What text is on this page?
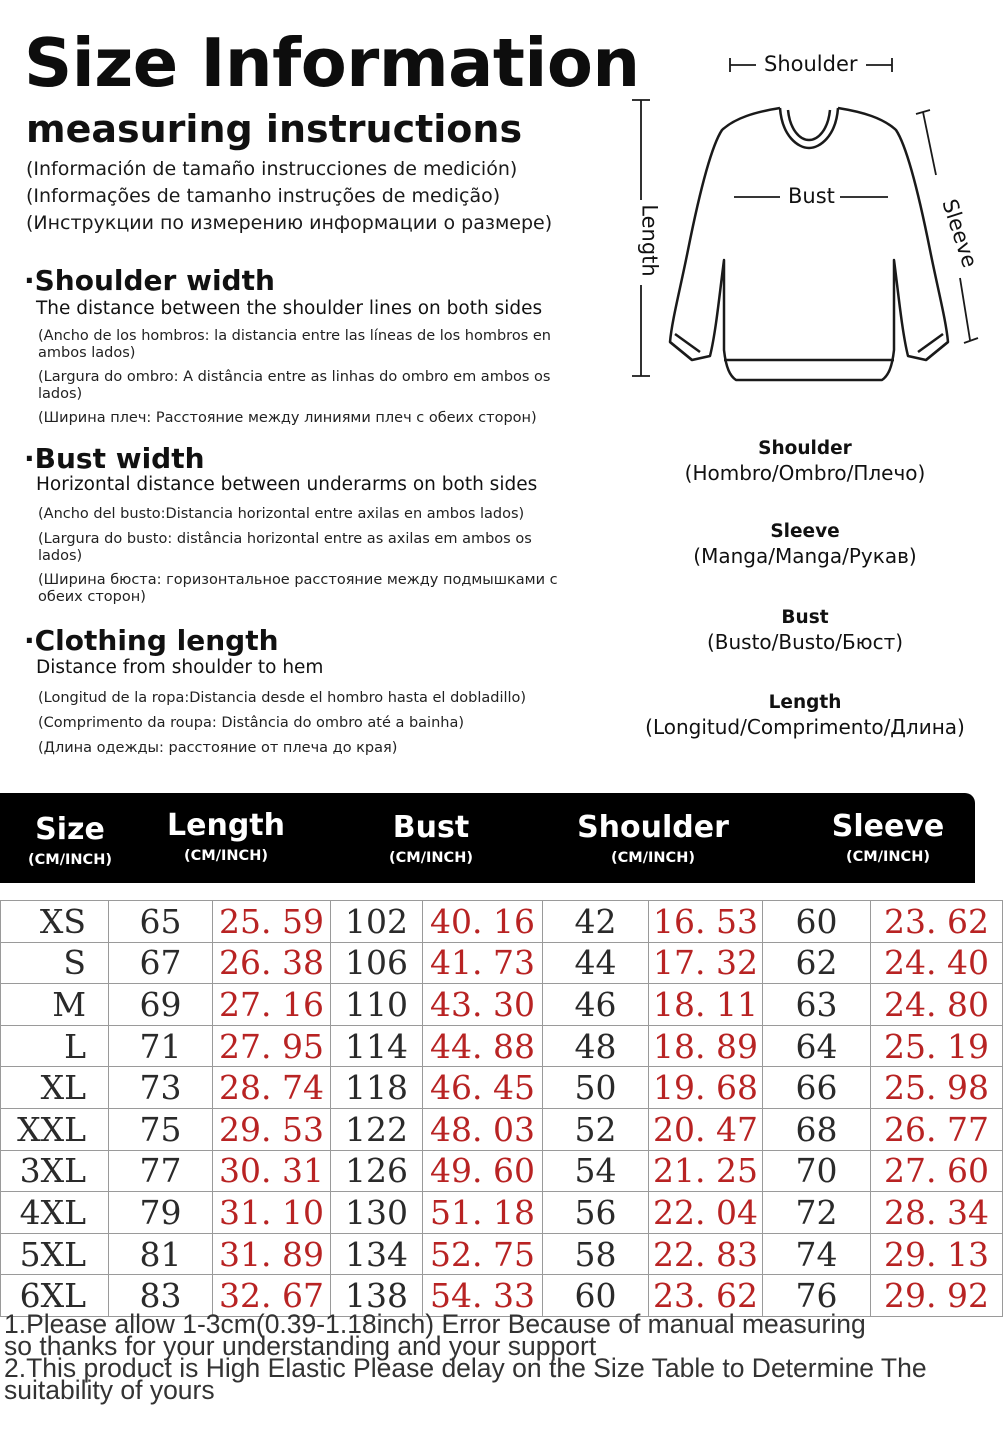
Size Information
measuring instructions
(Información de tamaño instrucciones de medición)
(Informações de tamanho instruções de medição)
(Инструкции по измерению информации о размере)
·Shoulder width
The distance between the shoulder lines on both sides
(Ancho de los hombros: la distancia entre las líneas de los hombros en ambos lados)
(Largura do ombro: A distância entre as linhas do ombro em ambos os lados)
(Ширина плеч: Расстояние между линиями плеч с обеих сторон)
·Bust width
Horizontal distance between underarms on both sides
(Ancho del busto:Distancia horizontal entre axilas en ambos lados)
(Largura do busto: distância horizontal entre as axilas em ambos os lados)
(Ширина бюста: горизонтальное расстояние между подмышками с обеих сторон)
·Clothing length
Distance from shoulder to hem
(Longitud de la ropa:Distancia desde el hombro hasta el dobladillo)
(Comprimento da roupa: Distância do ombro até a bainha)
(Длина одежды: расстояние от плеча до края)
Shoulder
Bust
Length	Sleeve
Shoulder
(Hombro/Ombro/Плечо)
Sleeve
(Manga/Manga/Рукав)
Bust
(Busto/Busto/Бюст)
Length
(Longitud/Comprimento/Длина)
Size
(CM/INCH)
Length
(CM/INCH)
Bust
(CM/INCH)
Shoulder
(CM/INCH)
Sleeve
(CM/INCH)
XS	65	25. 59	102	40. 16	42	16. 53	60	23. 62
S	67	26. 38	106	41. 73	44	17. 32	62	24. 40
M	69	27. 16	110	43. 30	46	18. 11	63	24. 80
L	71	27. 95	114	44. 88	48	18. 89	64	25. 19
XL	73	28. 74	118	46. 45	50	19. 68	66	25. 98
XXL	75	29. 53	122	48. 03	52	20. 47	68	26. 77
3XL	77	30. 31	126	49. 60	54	21. 25	70	27. 60
4XL	79	31. 10	130	51. 18	56	22. 04	72	28. 34
5XL	81	31. 89	134	52. 75	58	22. 83	74	29. 13
6XL	83	32. 67	138	54. 33	60	23. 62	76	29. 92
1.Please allow 1-3cm(0.39-1.18inch) Error Because of manual measuring
so thanks for your understanding and your support
2.This product is High Elastic Please delay on the Size Table to Determine The
suitability of yours
